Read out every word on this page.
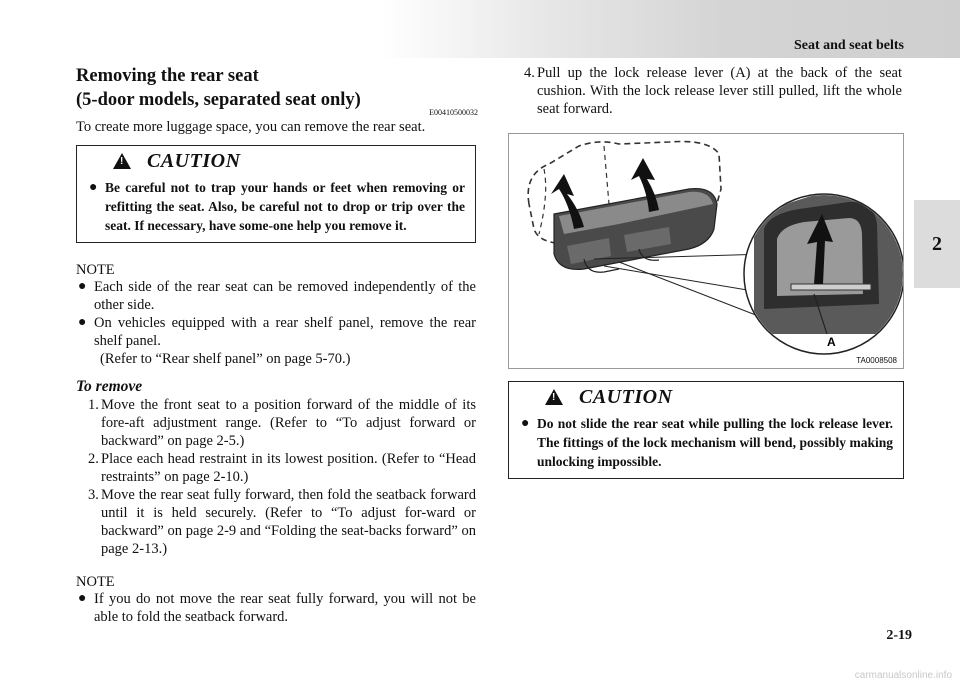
Seat and seat belts
2
Removing the rear seat
(5-door models, separated seat only)
E00410500032
To create more luggage space, you can remove the rear seat.
!
CAUTION
● Be careful not to trap your hands or feet when removing or refitting the seat. Also, be careful not to drop or trip over the seat. If necessary, have some-one help you remove it.
NOTE
● Each side of the rear seat can be removed independently of the other side.
● On vehicles equipped with a rear shelf panel, remove the rear shelf panel.
(Refer to “Rear shelf panel” on page 5-70.)
To remove
1. Move the front seat to a position forward of the middle of its fore-aft adjustment range. (Refer to “To adjust forward or backward” on page 2-5.)
2. Place each head restraint in its lowest position. (Refer to “Head restraints” on page 2-10.)
3. Move the rear seat fully forward, then fold the seatback forward until it is held securely. (Refer to “To adjust for-ward or backward” on page 2-9 and “Folding the seat-backs forward” on page 2-13.)
NOTE
● If you do not move the rear seat fully forward, you will not be able to fold the seatback forward.
4. Pull up the lock release lever (A) at the back of the seat cushion. With the lock release lever still pulled, lift the whole seat forward.
A
TA0008508
!
CAUTION
● Do not slide the rear seat while pulling the lock release lever. The fittings of the lock mechanism will bend, possibly making unlocking impossible.
2-19
carmanualsonline.info
